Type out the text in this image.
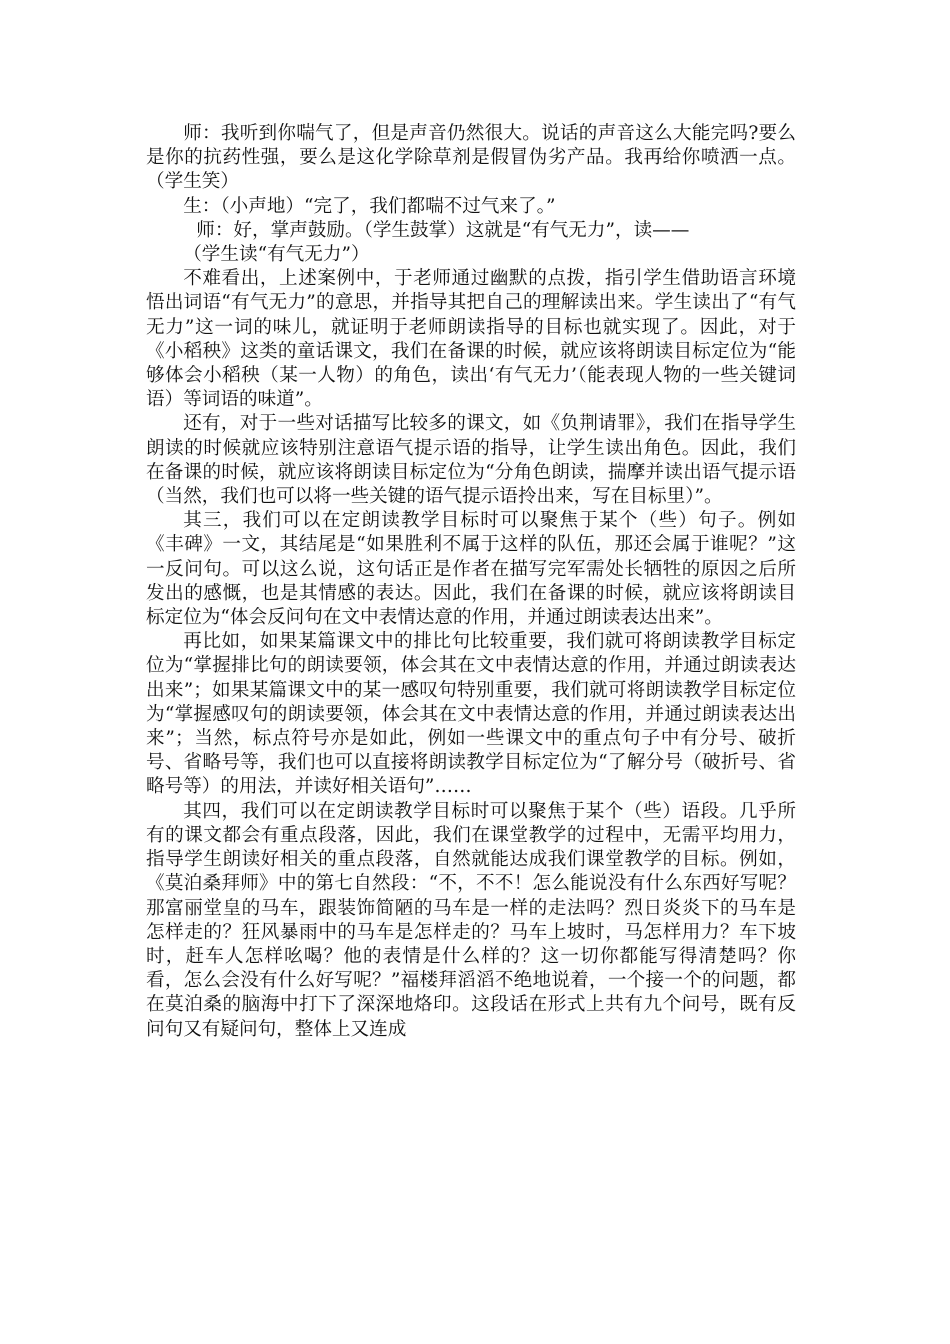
师：我听到你喘气了，但是声音仍然很大。说话的声音这么大能完吗?要么是你的抗药性强，要么是这化学除草剂是假冒伪劣产品。我再给你喷洒一点。（学生笑）

生：（小声地）“完了，我们都喘不过气来了。”

师：好，掌声鼓励。（学生鼓掌）这就是“有气无力”，读——

（学生读“有气无力”）

不难看出，上述案例中，于老师通过幽默的点拨，指引学生借助语言环境悟出词语“有气无力”的意思，并指导其把自己的理解读出来。学生读出了“有气无力”这一词的味儿，就证明于老师朗读指导的目标也就实现了。因此，对于《小稻秧》这类的童话课文，我们在备课的时候，就应该将朗读目标定位为“能够体会小稻秧（某一人物）的角色，读出‘有气无力’（能表现人物的一些关键词语）等词语的味道”。

还有，对于一些对话描写比较多的课文，如《负荆请罪》，我们在指导学生朗读的时候就应该特别注意语气提示语的指导，让学生读出角色。因此，我们在备课的时候，就应该将朗读目标定位为“分角色朗读，揣摩并读出语气提示语（当然，我们也可以将一些关键的语气提示语拎出来，写在目标里）”。

其三，我们可以在定朗读教学目标时可以聚焦于某个（些）句子。例如《丰碑》一文，其结尾是“如果胜利不属于这样的队伍，那还会属于谁呢？”这一反问句。可以这么说，这句话正是作者在描写完军需处长牺牲的原因之后所发出的感慨，也是其情感的表达。因此，我们在备课的时候，就应该将朗读目标定位为“体会反问句在文中表情达意的作用，并通过朗读表达出来”。

再比如，如果某篇课文中的排比句比较重要，我们就可将朗读教学目标定位为“掌握排比句的朗读要领，体会其在文中表情达意的作用，并通过朗读表达出来”；如果某篇课文中的某一感叹句特别重要，我们就可将朗读教学目标定位为“掌握感叹句的朗读要领，体会其在文中表情达意的作用，并通过朗读表达出来”；当然，标点符号亦是如此，例如一些课文中的重点句子中有分号、破折号、省略号等，我们也可以直接将朗读教学目标定位为“了解分号（破折号、省略号等）的用法，并读好相关语句”……

其四，我们可以在定朗读教学目标时可以聚焦于某个（些）语段。几乎所有的课文都会有重点段落，因此，我们在课堂教学的过程中，无需平均用力，指导学生朗读好相关的重点段落，自然就能达成我们课堂教学的目标。例如，《莫泊桑拜师》中的第七自然段：“不，不不！怎么能说没有什么东西好写呢？那富丽堂皇的马车，跟装饰简陋的马车是一样的走法吗？烈日炎炎下的马车是怎样走的？狂风暴雨中的马车是怎样走的？马车上坡时，马怎样用力？车下坡时，赶车人怎样吆喝？他的表情是什么样的？这一切你都能写得清楚吗？你看，怎么会没有什么好写呢？”福楼拜滔滔不绝地说着，一个接一个的问题，都在莫泊桑的脑海中打下了深深地烙印。这段话在形式上共有九个问号，既有反问句又有疑问句，整体上又连成
